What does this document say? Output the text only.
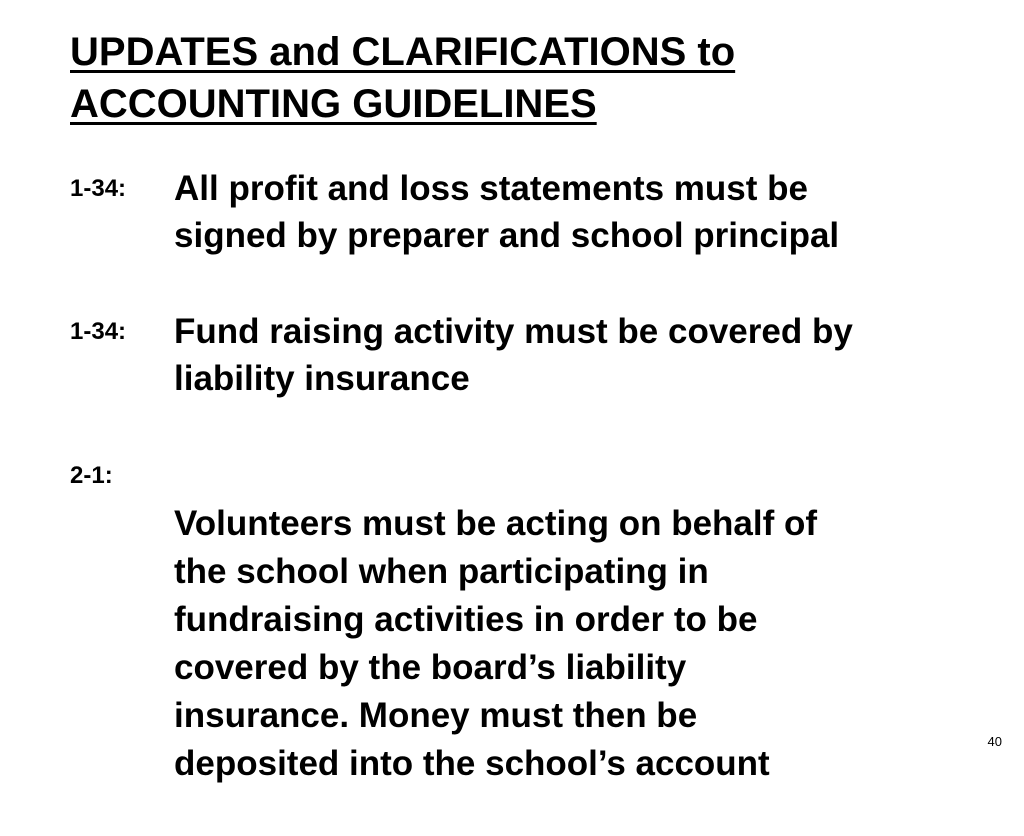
UPDATES and CLARIFICATIONS to
ACCOUNTING GUIDELINES
1-34: All profit and loss statements must be
signed by preparer and school principal
1-34: Fund raising activity must be covered by
liability insurance
2-1:

Volunteers must be acting on behalf of

the school when participating in
fundraising activities in order to be
covered by the board’s liability
insurance. Money must then be
deposited into the school’s account

40
